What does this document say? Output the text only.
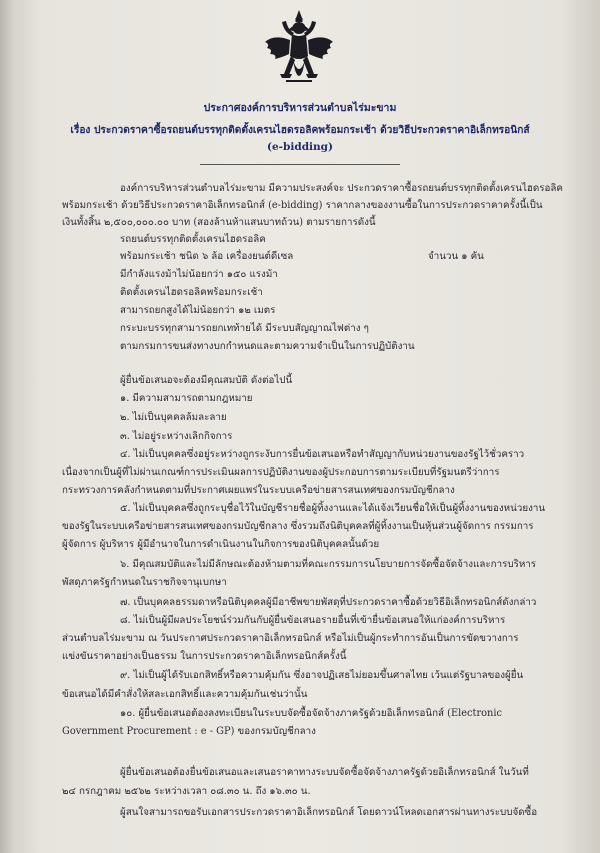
ประกาศองค์การบริหารส่วนตำบลไร่มะขาม
เรื่อง ประกวดราคาซื้อรถยนต์บรรทุกติดตั้งเครนไฮดรอลิคพร้อมกระเช้า ด้วยวิธีประกวดราคาอิเล็กทรอนิกส์
(e-bidding)
องค์การบริหารส่วนตำบลไร่มะขาม มีความประสงค์จะ ประกวดราคาซื้อรถยนต์บรรทุกติดตั้งเครนไฮดรอลิค
พร้อมกระเช้า ด้วยวิธีประกวดราคาอิเล็กทรอนิกส์ (e-bidding) ราคากลางของงานซื้อในการประกวดราคาครั้งนี้เป็น
เงินทั้งสิ้น ๒,๕๐๐,๐๐๐.๐๐ บาท (สองล้านห้าแสนบาทถ้วน) ตามรายการดังนี้
รถยนต์บรรทุกติดตั้งเครนไฮดรอลิค
พร้อมกระเช้า ชนิด ๖ ล้อ เครื่องยนต์ดีเซล	จำนวน ๑ คัน
มีกำลังแรงม้าไม่น้อยกว่า ๑๕๐ แรงม้า
ติดตั้งเครนไฮดรอลิคพร้อมกระเช้า
สามารถยกสูงได้ไม่น้อยกว่า ๑๒ เมตร
กระบะบรรทุกสามารถยกเทท้ายได้ มีระบบสัญญาณไฟต่าง ๆ
ตามกรมการขนส่งทางบกกำหนดและตามความจำเป็นในการปฏิบัติงาน
ผู้ยื่นข้อเสนอจะต้องมีคุณสมบัติ ดังต่อไปนี้
๑. มีความสามารถตามกฎหมาย
๒. ไม่เป็นบุคคลล้มละลาย
๓. ไม่อยู่ระหว่างเลิกกิจการ
๔. ไม่เป็นบุคคลซึ่งอยู่ระหว่างถูกระงับการยื่นข้อเสนอหรือทำสัญญากับหน่วยงานของรัฐไว้ชั่วคราว
เนื่องจากเป็นผู้ที่ไม่ผ่านเกณฑ์การประเมินผลการปฏิบัติงานของผู้ประกอบการตามระเบียบที่รัฐมนตรีว่าการ
กระทรวงการคลังกำหนดตามที่ประกาศเผยแพร่ในระบบเครือข่ายสารสนเทศของกรมบัญชีกลาง
๕. ไม่เป็นบุคคลซึ่งถูกระบุชื่อไว้ในบัญชีรายชื่อผู้ทิ้งงานและได้แจ้งเวียนชื่อให้เป็นผู้ทิ้งงานของหน่วยงาน
ของรัฐในระบบเครือข่ายสารสนเทศของกรมบัญชีกลาง ซึ่งรวมถึงนิติบุคคลที่ผู้ทิ้งงานเป็นหุ้นส่วนผู้จัดการ กรรมการ
ผู้จัดการ ผู้บริหาร ผู้มีอำนาจในการดำเนินงานในกิจการของนิติบุคคลนั้นด้วย
๖. มีคุณสมบัติและไม่มีลักษณะต้องห้ามตามที่คณะกรรมการนโยบายการจัดซื้อจัดจ้างและการบริหาร
พัสดุภาครัฐกำหนดในราชกิจจานุเบกษา
๗. เป็นบุคคลธรรมดาหรือนิติบุคคลผู้มีอาชีพขายพัสดุที่ประกวดราคาซื้อด้วยวิธีอิเล็กทรอนิกส์ดังกล่าว
๘. ไม่เป็นผู้มีผลประโยชน์ร่วมกันกับผู้ยื่นข้อเสนอรายอื่นที่เข้ายื่นข้อเสนอให้แก่องค์การบริหาร
ส่วนตำบลไร่มะขาม ณ วันประกาศประกวดราคาอิเล็กทรอนิกส์ หรือไม่เป็นผู้กระทำการอันเป็นการขัดขวางการ
แข่งขันราคาอย่างเป็นธรรม ในการประกวดราคาอิเล็กทรอนิกส์ครั้งนี้
๙. ไม่เป็นผู้ได้รับเอกสิทธิ์หรือความคุ้มกัน ซึ่งอาจปฏิเสธไม่ยอมขึ้นศาลไทย เว้นแต่รัฐบาลของผู้ยื่น
ข้อเสนอได้มีคำสั่งให้สละเอกสิทธิ์และความคุ้มกันเช่นว่านั้น
๑๐. ผู้ยื่นข้อเสนอต้องลงทะเบียนในระบบจัดซื้อจัดจ้างภาครัฐด้วยอิเล็กทรอนิกส์ (Electronic
Government Procurement : e - GP) ของกรมบัญชีกลาง
ผู้ยื่นข้อเสนอต้องยื่นข้อเสนอและเสนอราคาทางระบบจัดซื้อจัดจ้างภาครัฐด้วยอิเล็กทรอนิกส์ ในวันที่
๒๔ กรกฎาคม ๒๕๖๒ ระหว่างเวลา ๐๘.๓๐ น. ถึง ๑๖.๓๐ น.
ผู้สนใจสามารถขอรับเอกสารประกวดราคาอิเล็กทรอนิกส์ โดยดาวน์โหลดเอกสารผ่านทางระบบจัดซื้อ
